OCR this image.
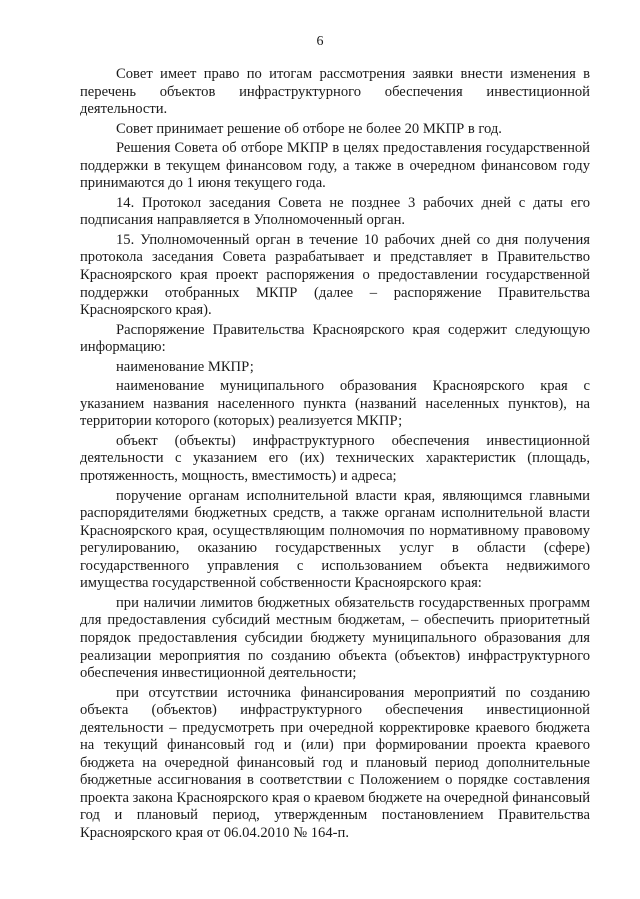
6

Совет имеет право по итогам рассмотрения заявки внести изменения в перечень объектов инфраструктурного обеспечения инвестиционной деятельности.

Совет принимает решение об отборе не более 20 МКПР в год.

Решения Совета об отборе МКПР в целях предоставления государственной поддержки в текущем финансовом году, а также в очередном финансовом году принимаются до 1 июня текущего года.

14. Протокол заседания Совета не позднее 3 рабочих дней с даты его подписания направляется в Уполномоченный орган.

15. Уполномоченный орган в течение 10 рабочих дней со дня получения протокола заседания Совета разрабатывает и представляет в Правительство Красноярского края проект распоряжения о предоставлении государственной поддержки отобранных МКПР (далее – распоряжение Правительства Красноярского края).

Распоряжение Правительства Красноярского края содержит следующую информацию:

наименование МКПР;

наименование муниципального образования Красноярского края с указанием названия населенного пункта (названий населенных пунктов), на территории которого (которых) реализуется МКПР;

объект (объекты) инфраструктурного обеспечения инвестиционной деятельности с указанием его (их) технических характеристик (площадь, протяженность, мощность, вместимость) и адреса;

поручение органам исполнительной власти края, являющимся главными распорядителями бюджетных средств, а также органам исполнительной власти Красноярского края, осуществляющим полномочия по нормативному правовому регулированию, оказанию государственных услуг в области (сфере) государственного управления с использованием объекта недвижимого имущества государственной собственности Красноярского края:

при наличии лимитов бюджетных обязательств государственных программ для предоставления субсидий местным бюджетам, – обеспечить приоритетный порядок предоставления субсидии бюджету муниципального образования для реализации мероприятия по созданию объекта (объектов) инфраструктурного обеспечения инвестиционной деятельности;

при отсутствии источника финансирования мероприятий по созданию объекта (объектов) инфраструктурного обеспечения инвестиционной деятельности – предусмотреть при очередной корректировке краевого бюджета на текущий финансовый год и (или) при формировании проекта краевого бюджета на очередной финансовый год и плановый период дополнительные бюджетные ассигнования в соответствии с Положением о порядке составления проекта закона Красноярского края о краевом бюджете на очередной финансовый год и плановый период, утвержденным постановлением Правительства Красноярского края от 06.04.2010 № 164-п.
